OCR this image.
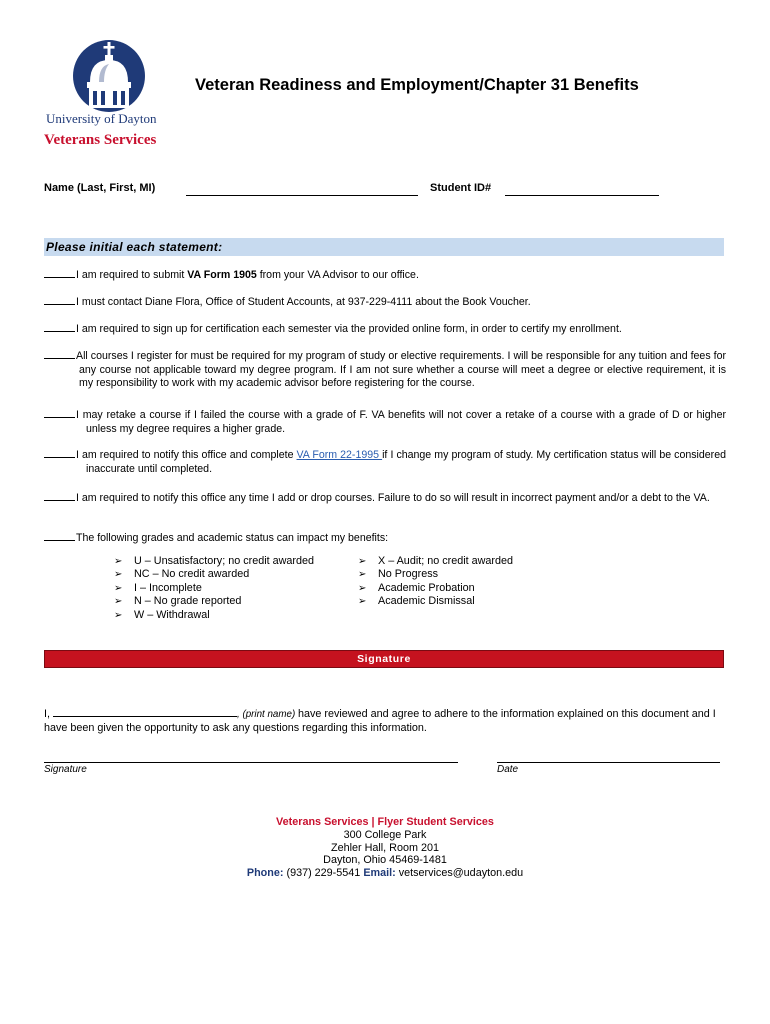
University of Dayton
Veterans Services
Veteran Readiness and Employment/Chapter 31 Benefits
Name (Last, First, MI)	Student ID#
Please initial each statement:
I am required to submit VA Form 1905 from your VA Advisor to our office.
I must contact Diane Flora, Office of Student Accounts, at 937-229-4111 about the Book Voucher.
I am required to sign up for certification each semester via the provided online form, in order to certify my enrollment.
All courses I register for must be required for my program of study or elective requirements. I will be responsible for any tuition and fees for any course not applicable toward my degree program. If I am not sure whether a course will meet a degree or elective requirement, it is my responsibility to work with my academic advisor before registering for the course.
I may retake a course if I failed the course with a grade of F. VA benefits will not cover a retake of a course with a grade of D or higher unless my degree requires a higher grade.
I am required to notify this office and complete VA Form 22-1995 if I change my program of study. My certification status will be considered inaccurate until completed.
I am required to notify this office any time I add or drop courses. Failure to do so will result in incorrect payment and/or a debt to the VA.
The following grades and academic status can impact my benefits:
➢ U – Unsatisfactory; no credit awarded
➢ NC – No credit awarded
➢ I – Incomplete
➢ N – No grade reported
➢ W – Withdrawal
➢ X – Audit; no credit awarded
➢ No Progress
➢ Academic Probation
➢ Academic Dismissal
Signature
I,	, (print name) have reviewed and agree to adhere to the information explained on this document and I have been given the opportunity to ask any questions regarding this information.
Signature	Date
Veterans Services | Flyer Student Services
300 College Park
Zehler Hall, Room 201
Dayton, Ohio 45469-1481
Phone: (937) 229-5541 Email: vetservices@udayton.edu
